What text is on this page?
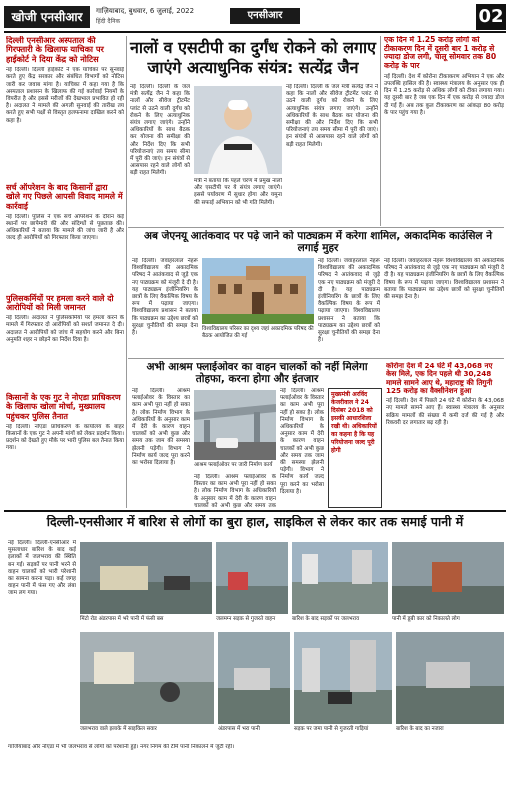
खोजी एनसीआर	गाज़ियाबाद, बुधवार, 6 जुलाई, 2022
हिंदी दैनिक
एनसीआर	02
दिल्ली एनसीआर अस्पताल की गिरफ्तारी के खिलाफ याचिका पर हाईकोर्ट ने दिया केंद्र को नोटिस
नई दिल्ली। दिल्ली हाईकोर्ट ने एक याचिका पर सुनवाई करते हुए केंद्र सरकार और संबंधित विभागों को नोटिस जारी कर जवाब मांगा है। याचिका में कहा गया है कि अस्पताल प्रशासन के खिलाफ की गई कार्रवाई नियमों के विपरीत है और इससे मरीजों की देखभाल प्रभावित हो रही है। अदालत ने मामले की अगली सुनवाई की तारीख तय करते हुए सभी पक्षों से विस्तृत हलफनामा दाखिल करने को कहा है।
सर्च ऑपरेशन के बाद किसानों द्वारा खोले गए पिछले आपसी विवाद मामले में कार्रवाई
नई दिल्ली। पुलिस ने एक सर्च ऑपरेशन के दौरान कई स्थानों पर छापेमारी की और संदिग्धों से पूछताछ की। अधिकारियों ने बताया कि मामले की जांच जारी है और जल्द ही आरोपियों को गिरफ्तार किया जाएगा।
पुलिसकर्मियों पर हमला करने वाले दो आरोपियों को मिली जमानत
नई दिल्ली। अदालत ने पुलिसकर्मियों पर हमला करने के मामले में गिरफ्तार दो आरोपियों को सशर्त जमानत दे दी। अदालत ने आरोपियों को जांच में सहयोग करने और बिना अनुमति शहर न छोड़ने का निर्देश दिया है।
किसानों के एक गुट ने नोएडा प्राधिकरण के खिलाफ खोला मोर्चा, मुख्यालय पहुंचकर पुलिस तैनात
नई दिल्ली। नोएडा प्राधिकरण के कार्यालय के बाहर किसानों के एक गुट ने अपनी मांगों को लेकर प्रदर्शन किया। प्रदर्शन को देखते हुए मौके पर भारी पुलिस बल तैनात किया गया।
नालों व एसटीपी का दुर्गंध रोकने को लगाए जाएंगे अत्याधुनिक संयंत्र: सत्येंद्र जैन
नई दिल्ली। दिल्ली के जल मंत्री सत्येंद्र जैन ने कहा कि नालों और सीवेज ट्रीटमेंट प्लांट से उठने वाली दुर्गंध को रोकने के लिए अत्याधुनिक संयंत्र लगाए जाएंगे। उन्होंने अधिकारियों के साथ बैठक कर योजना की समीक्षा की और निर्देश दिए कि सभी परियोजनाएं तय समय सीमा में पूरी की जाएं। इन संयंत्रों से आसपास रहने वाले लोगों को बड़ी राहत मिलेगी।
मंत्री ने बताया कि पहले चरण में प्रमुख नालों और एसटीपी पर ये संयंत्र लगाए जाएंगे। इससे पर्यावरण में सुधार होगा और यमुना की सफाई अभियान को भी गति मिलेगी।
नई दिल्ली। दिल्ली के जल मंत्री सत्येंद्र जैन ने कहा कि नालों और सीवेज ट्रीटमेंट प्लांट से उठने वाली दुर्गंध को रोकने के लिए अत्याधुनिक संयंत्र लगाए जाएंगे। उन्होंने अधिकारियों के साथ बैठक कर योजना की समीक्षा की और निर्देश दिए कि सभी परियोजनाएं तय समय सीमा में पूरी की जाएं। इन संयंत्रों से आसपास रहने वाले लोगों को बड़ी राहत मिलेगी।
एक दिन में 1.25 करोड़ लोगों को टीकाकरण दिन में दूसरी बार 1 करोड़ से ज्यादा डोज लगी, चालू सोमवार तक 80 करोड़ के पार
नई दिल्ली। देश में कोरोना टीकाकरण अभियान ने एक और उपलब्धि हासिल की है। स्वास्थ्य मंत्रालय के अनुसार एक ही दिन में 1.25 करोड़ से अधिक लोगों को टीका लगाया गया। यह दूसरी बार है जब एक दिन में एक करोड़ से ज्यादा डोज दी गई हैं। अब तक कुल टीकाकरण का आंकड़ा 80 करोड़ के पार पहुंच गया है।
अब जेएनयू आतंकवाद पर पढ़े जाने को पाठ्यक्रम में करेगा शामिल, अकादमिक काउंसिल ने लगाई मुहर
नई दिल्ली। जवाहरलाल नेहरू विश्वविद्यालय की अकादमिक परिषद ने आतंकवाद से जुड़े एक नए पाठ्यक्रम को मंजूरी दे दी है। यह पाठ्यक्रम इंजीनियरिंग के छात्रों के लिए वैकल्पिक विषय के रूप में पढ़ाया जाएगा। विश्वविद्यालय प्रशासन ने बताया कि पाठ्यक्रम का उद्देश्य छात्रों को सुरक्षा चुनौतियों की समझ देना है।
विश्वविद्यालय परिसर का दृश्य जहां अकादमिक परिषद की बैठक आयोजित की गई
नई दिल्ली। जवाहरलाल नेहरू विश्वविद्यालय की अकादमिक परिषद ने आतंकवाद से जुड़े एक नए पाठ्यक्रम को मंजूरी दे दी है। यह पाठ्यक्रम इंजीनियरिंग के छात्रों के लिए वैकल्पिक विषय के रूप में पढ़ाया जाएगा। विश्वविद्यालय प्रशासन ने बताया कि पाठ्यक्रम का उद्देश्य छात्रों को सुरक्षा चुनौतियों की समझ देना है।
नई दिल्ली। जवाहरलाल नेहरू विश्वविद्यालय की अकादमिक परिषद ने आतंकवाद से जुड़े एक नए पाठ्यक्रम को मंजूरी दे दी है। यह पाठ्यक्रम इंजीनियरिंग के छात्रों के लिए वैकल्पिक विषय के रूप में पढ़ाया जाएगा। विश्वविद्यालय प्रशासन ने बताया कि पाठ्यक्रम का उद्देश्य छात्रों को सुरक्षा चुनौतियों की समझ देना है।
अभी आश्रम फ्लाईओवर का वाहन चालकों को नहीं मिलेगा तोहफा, करना होगा और इंतजार
नई दिल्ली। आश्रम फ्लाईओवर के विस्तार का काम अभी पूरा नहीं हो सका है। लोक निर्माण विभाग के अधिकारियों के अनुसार काम में देरी के कारण वाहन चालकों को अभी कुछ और समय तक जाम की समस्या झेलनी पड़ेगी। विभाग ने निर्माण कार्य जल्द पूरा करने का भरोसा दिलाया है।	आश्रम फ्लाईओवर पर जारी निर्माण कार्य
नई दिल्ली। आश्रम फ्लाईओवर के विस्तार का काम अभी पूरा नहीं हो सका है। लोक निर्माण विभाग के अधिकारियों के अनुसार काम में देरी के कारण वाहन चालकों को अभी कुछ और समय तक
नई दिल्ली। आश्रम फ्लाईओवर के विस्तार का काम अभी पूरा नहीं हो सका है। लोक निर्माण विभाग के अधिकारियों के अनुसार काम में देरी के कारण वाहन चालकों को अभी कुछ और समय तक जाम की समस्या झेलनी पड़ेगी। विभाग ने निर्माण कार्य जल्द पूरा करने का भरोसा दिलाया है।
मुख्यमंत्री अरविंद केजरीवाल ने 24 दिसंबर 2018 को इसकी आधारशिला रखी थी। अधिकारियों का कहना है कि यह परियोजना जल्द पूरी होगी
कोरोना देश में 24 घंटे में 43,068 नए केस मिले, एक दिन पहले थी 30,248 मामले सामने आए थे, महाराष्ट्र की तिगुनी 125 करोड़ का वैक्सीनेशन हुआ
नई दिल्ली। देश में पिछले 24 घंटे में कोरोना के 43,068 नए मामले सामने आए हैं। स्वास्थ्य मंत्रालय के अनुसार सक्रिय मामलों की संख्या में कमी दर्ज की गई है और रिकवरी दर लगातार बढ़ रही है।
दिल्ली-एनसीआर में बारिश से लोगों का बुरा हाल, साइकिल से लेकर कार तक समाई पानी में
नई दिल्ली। दिल्ली-एनसीआर में मूसलाधार बारिश के बाद कई इलाकों में जलभराव की स्थिति बन गई। सड़कों पर पानी भरने से वाहन चालकों को भारी परेशानी का सामना करना पड़ा। कई जगह वाहन पानी में फंस गए और लंबा जाम लग गया।
मिंटो रोड अंडरपास में भरे पानी में फंसी बस	जलमग्न सड़क से गुजरते वाहन	बारिश के बाद सड़कों पर जलभराव	पानी में डूबी कार को निकालते लोग
जलभराव वाले इलाके में साइकिल सवार	अंडरपास में भरा पानी	सड़क पर जमा पानी से गुजरती गाड़ियां	बारिश के बाद का नजारा
गाजियाबाद और नोएडा में भी जलभराव से लोगों को परेशानी हुई। नगर निगम की टीमें पानी निकालने में जुटी रहीं।
